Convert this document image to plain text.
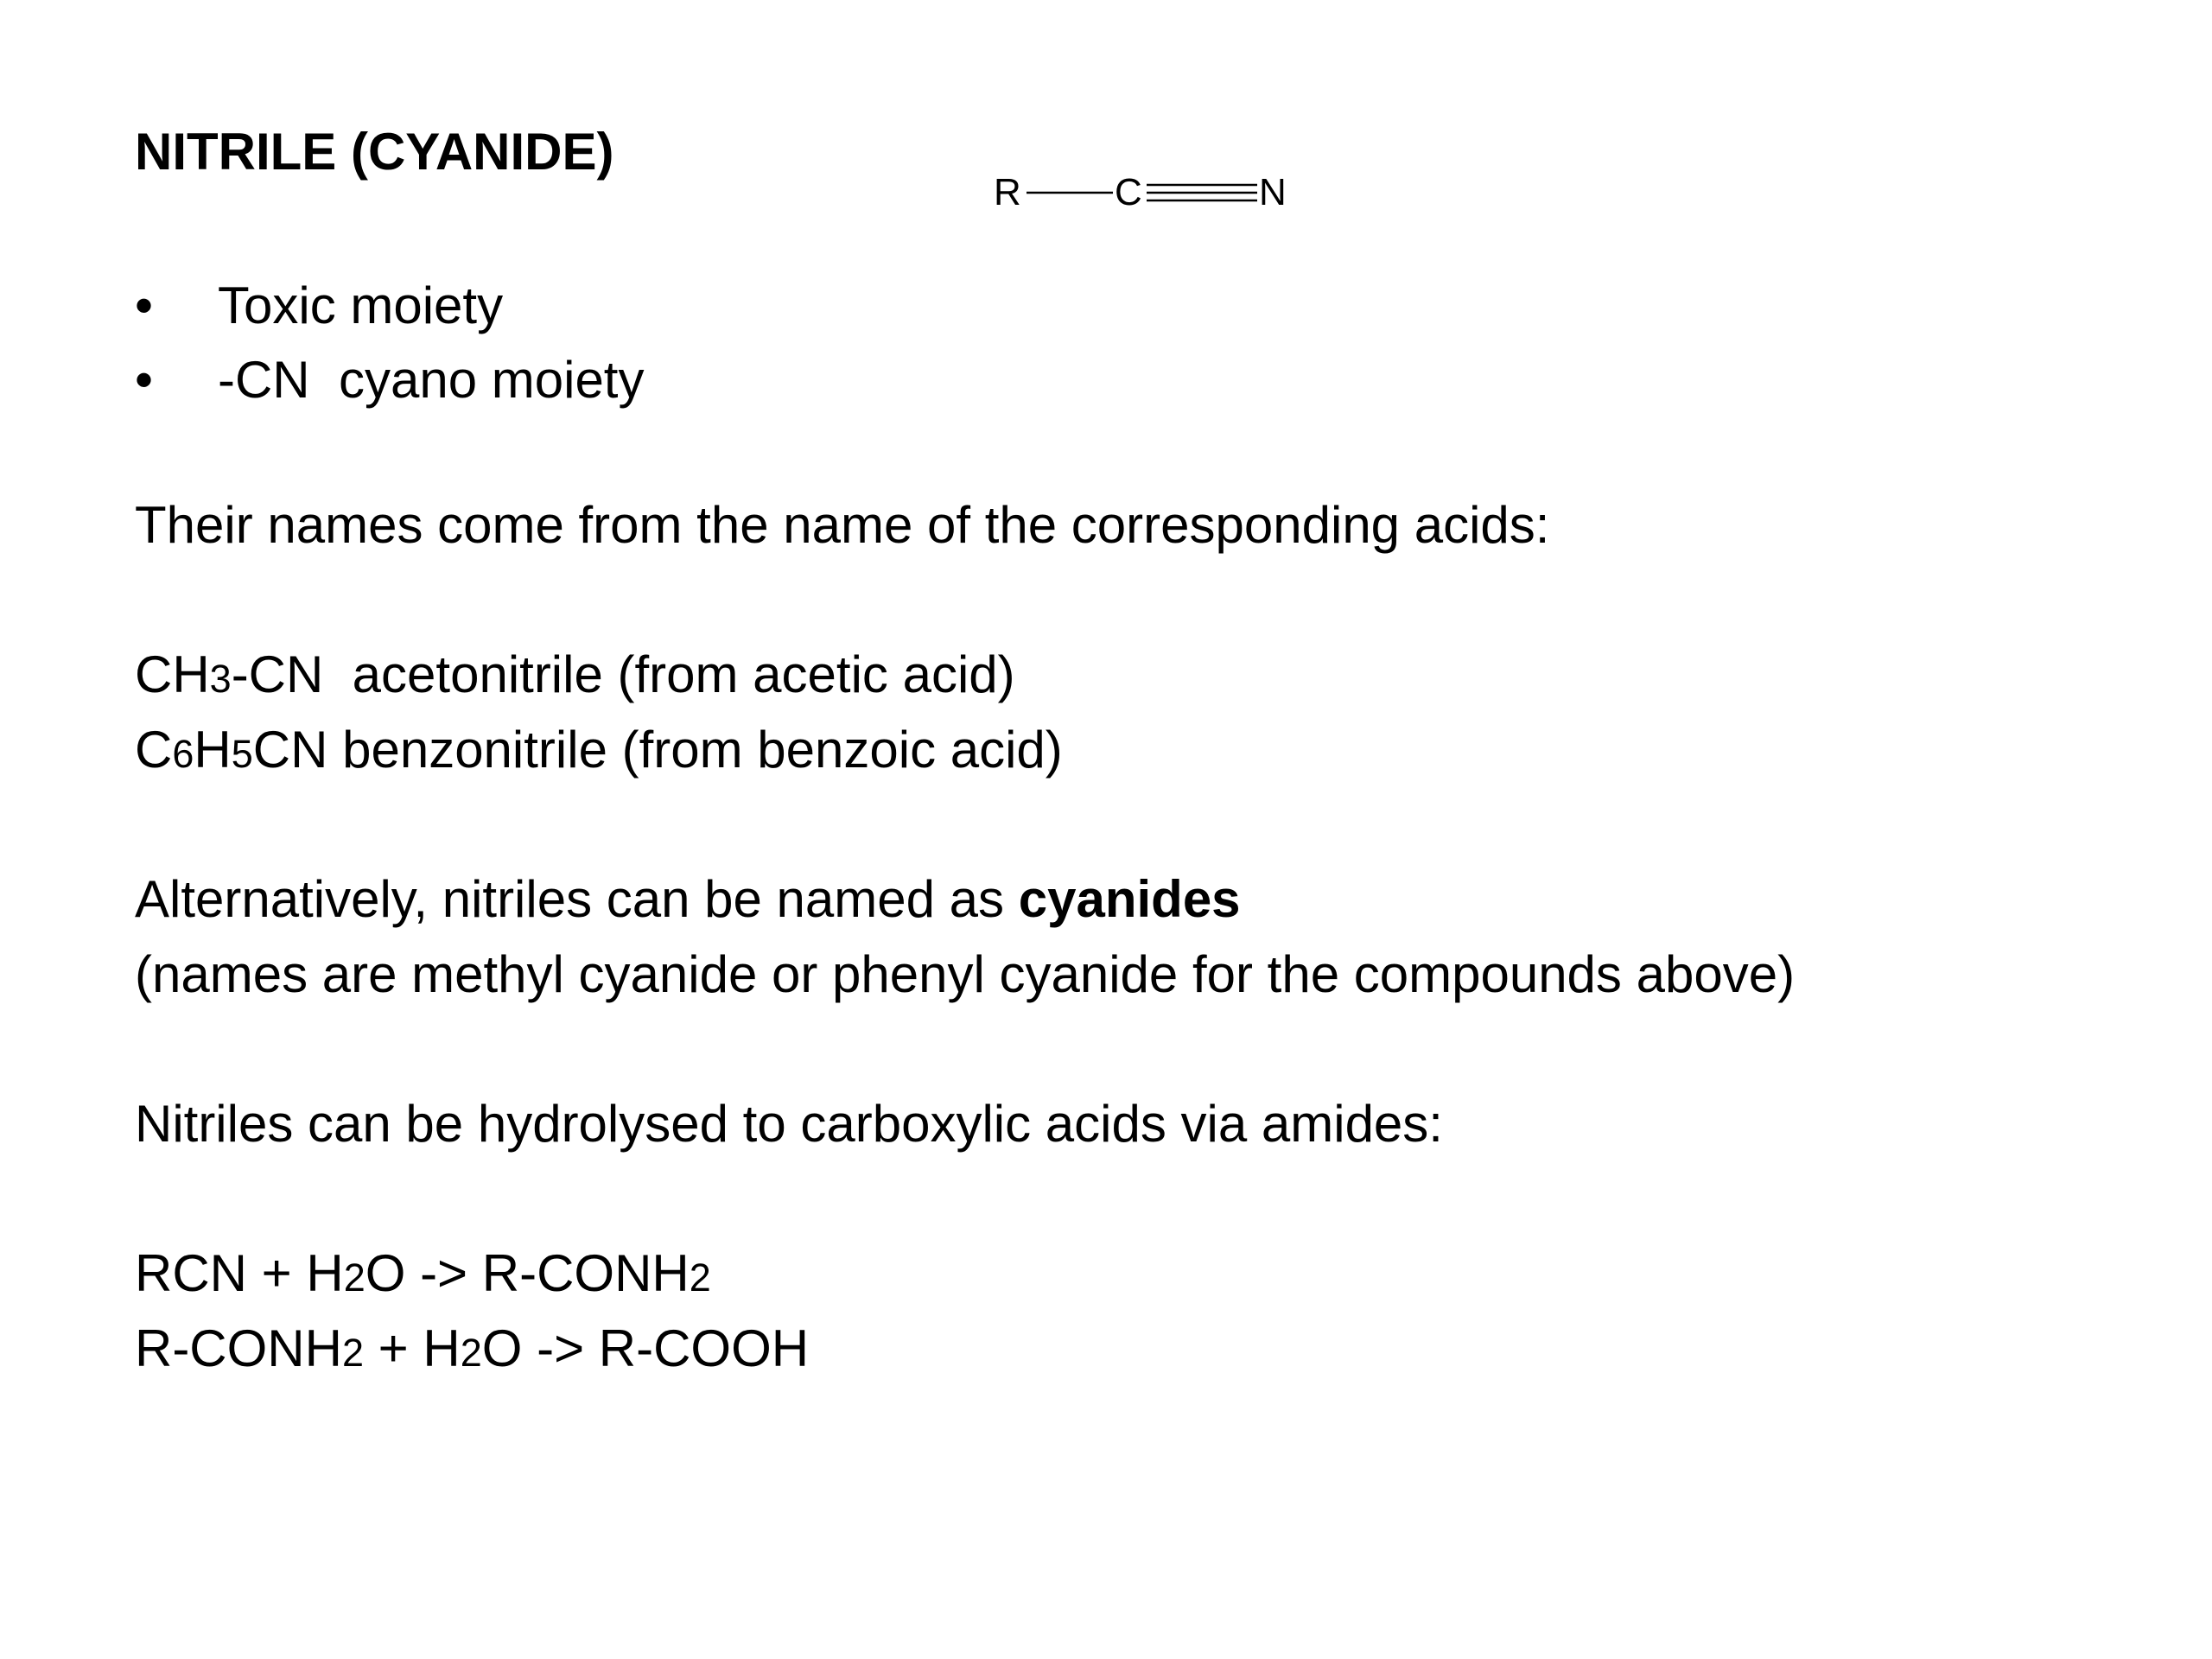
NITRILE (CYANIDE)
R C	N
•	Toxic moiety
•	-CN  cyano moiety
Their names come from the name of the corresponding acids:
CH3-CN  acetonitrile (from acetic acid)
C6H5CN benzonitrile (from benzoic acid)
Alternatively, nitriles can be named as cyanides
(names are methyl cyanide or phenyl cyanide for the compounds above)
Nitriles can be hydrolysed to carboxylic acids via amides:
RCN + H2O -> R-CONH2
R-CONH2 + H2O -> R-COOH
